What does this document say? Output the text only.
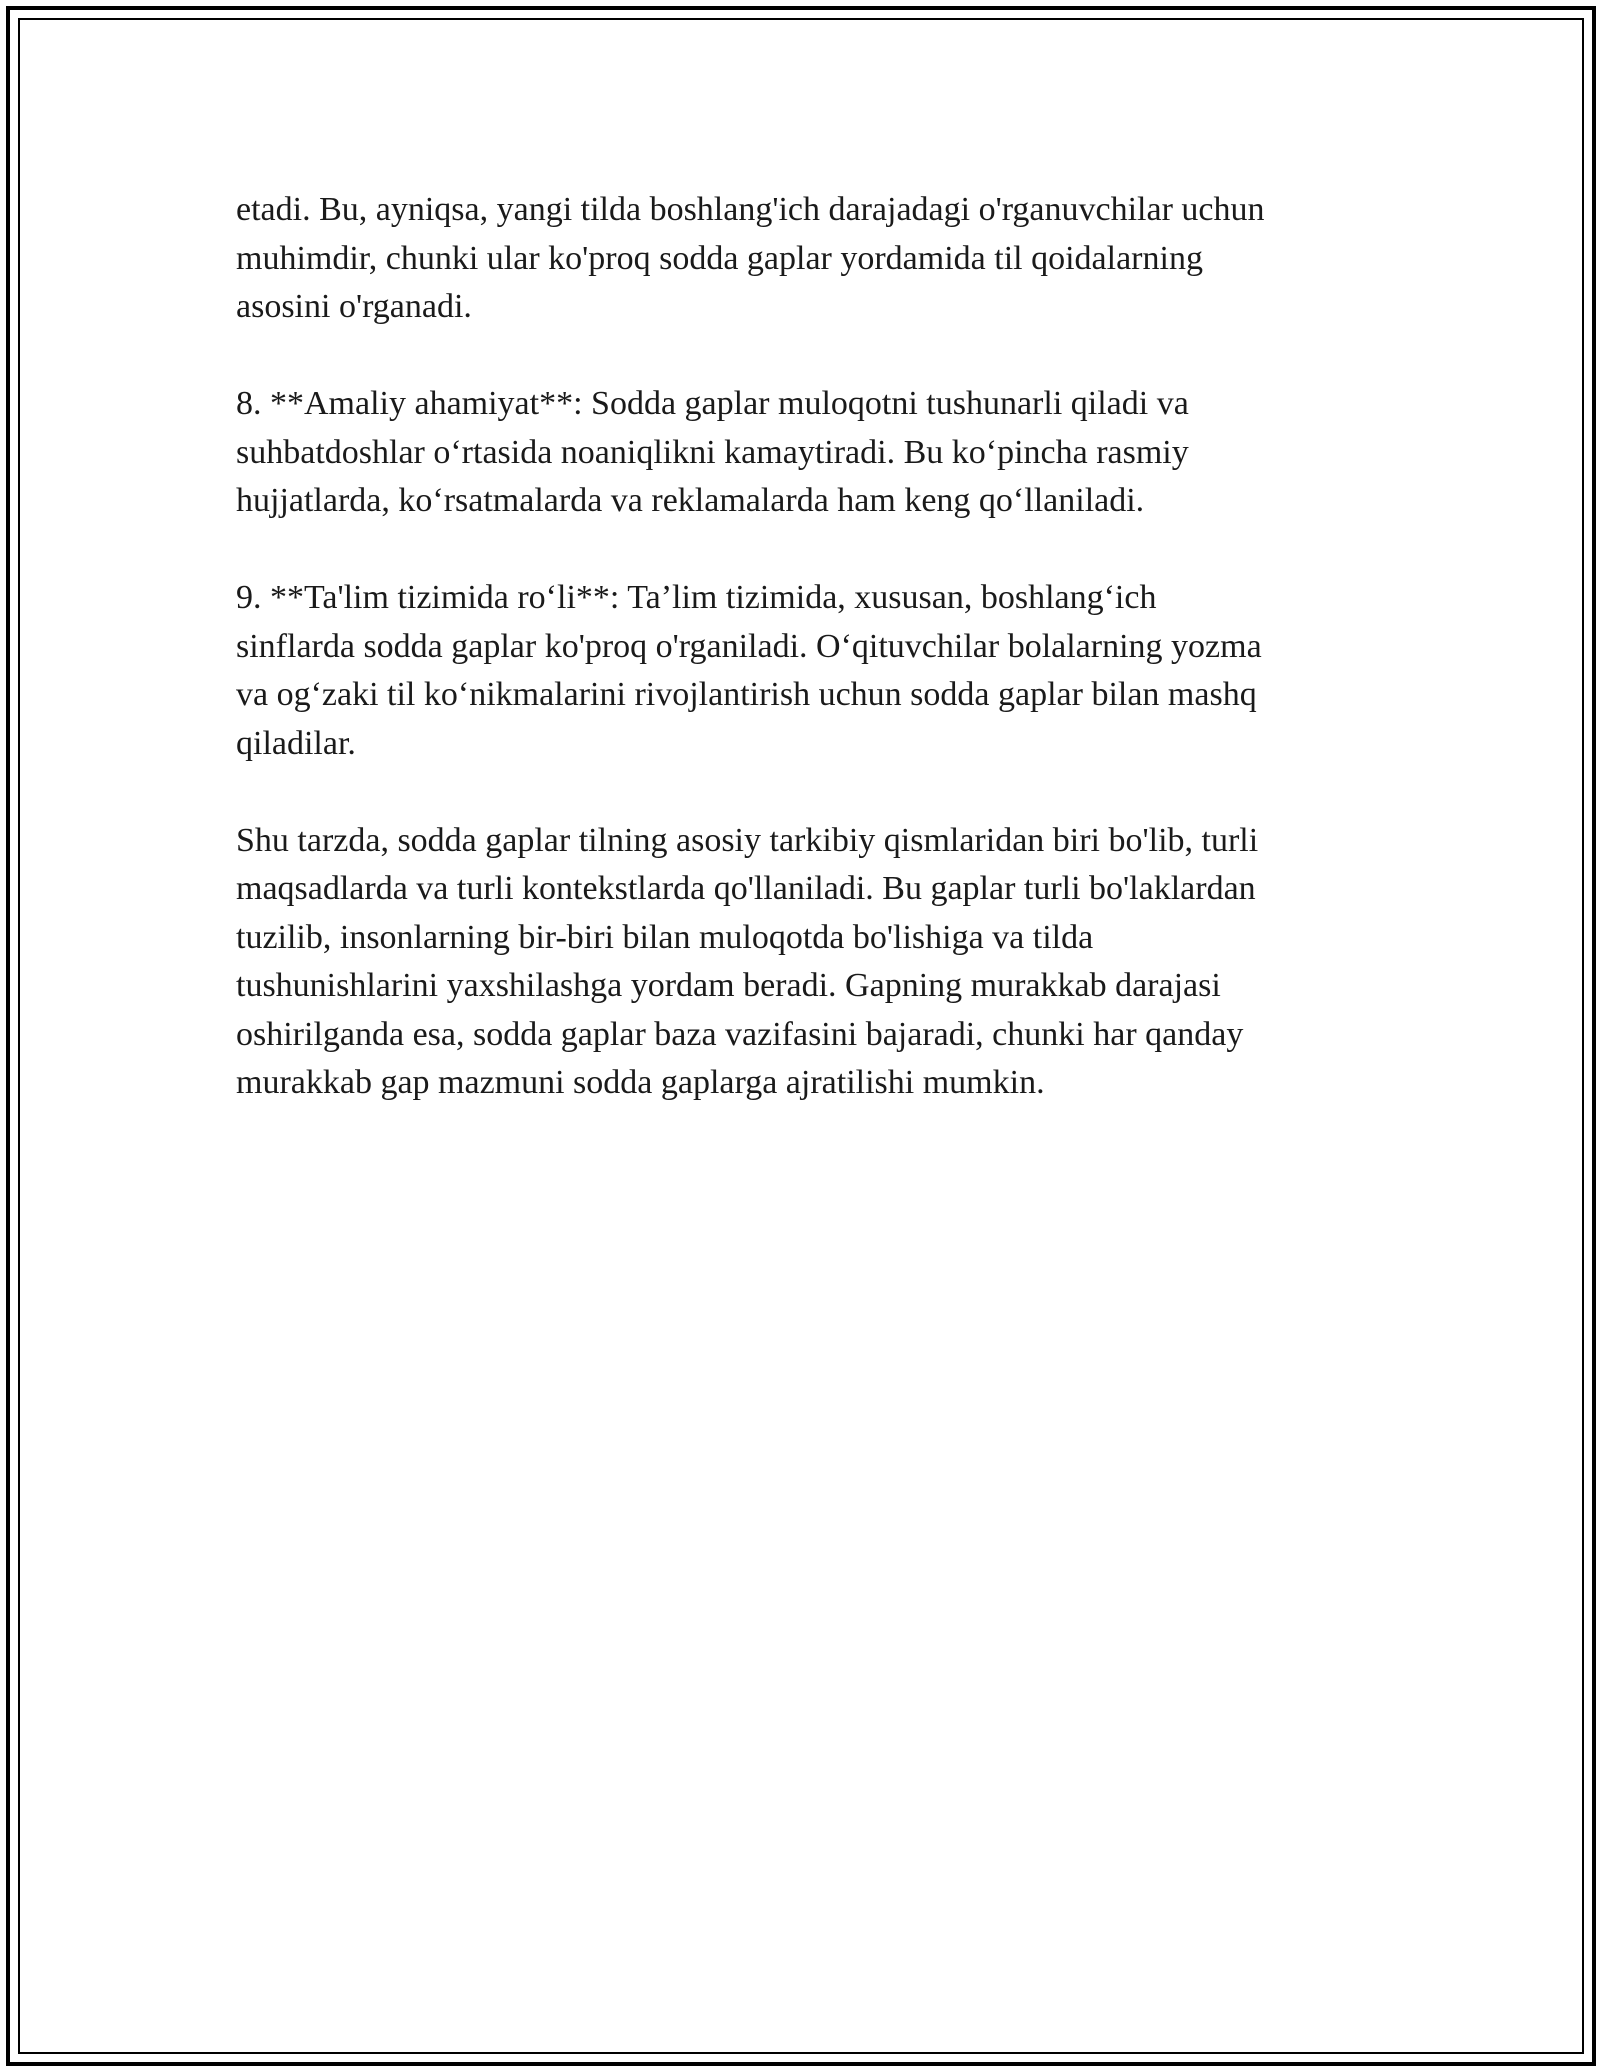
etadi. Bu, ayniqsa, yangi tilda boshlang'ich darajadagi o'rganuvchilar uchun
muhimdir, chunki ular ko'proq sodda gaplar yordamida til qoidalarning
asosini o'rganadi.

8. **Amaliy ahamiyat**: Sodda gaplar muloqotni tushunarli qiladi va
suhbatdoshlar o‘rtasida noaniqlikni kamaytiradi. Bu ko‘pincha rasmiy
hujjatlarda, ko‘rsatmalarda va reklamalarda ham keng qo‘llaniladi.

9. **Ta'lim tizimida ro‘li**: Ta’lim tizimida, xususan, boshlang‘ich
sinflarda sodda gaplar ko'proq o'rganiladi. O‘qituvchilar bolalarning yozma
va og‘zaki til ko‘nikmalarini rivojlantirish uchun sodda gaplar bilan mashq
qiladilar.

Shu tarzda, sodda gaplar tilning asosiy tarkibiy qismlaridan biri bo'lib, turli
maqsadlarda va turli kontekstlarda qo'llaniladi. Bu gaplar turli bo'laklardan
tuzilib, insonlarning bir-biri bilan muloqotda bo'lishiga va tilda
tushunishlarini yaxshilashga yordam beradi. Gapning murakkab darajasi
oshirilganda esa, sodda gaplar baza vazifasini bajaradi, chunki har qanday
murakkab gap mazmuni sodda gaplarga ajratilishi mumkin.
